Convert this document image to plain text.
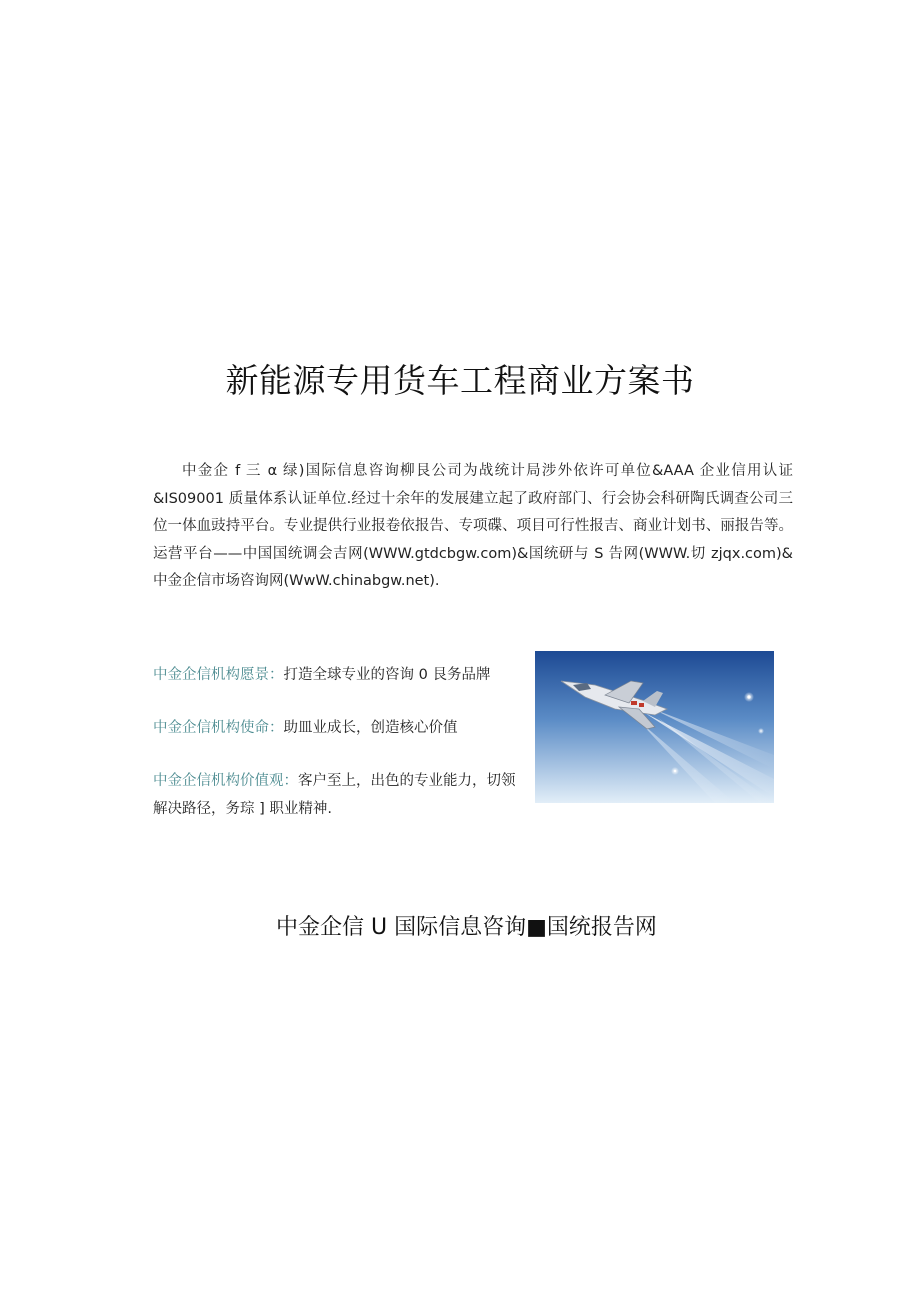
新能源专用货车工程商业方案书

中金企 f 三 α 绿)国际信息咨询柳艮公司为战统计局涉外依许可单位&AAA 企业信用认证&IS09001 质量体系认证单位.经过十余年的发展建立起了政府部门、行会协会科研陶氏调查公司三位一体血豉持平台。专业提供行业报卷依报告、专项碟、项目可行性报吉、商业计划书、丽报告等。运营平台——中国国统调会吉网(WWW.gtdcbgw.com)&国统研与 S 告网(WWW.切 zjqx.com)&中金企信市场咨询网(WwW.chinabgw.net).

中金企信机构愿景：打造全球专业的咨询 0 艮务品牌
中金企信机构使命：助皿业成长，创造核心价值
中金企信机构价值观：客户至上，出色的专业能力，切领解决路径，务琮 ] 职业精神.
中金企信 U 国际信息咨询■国统报告网
